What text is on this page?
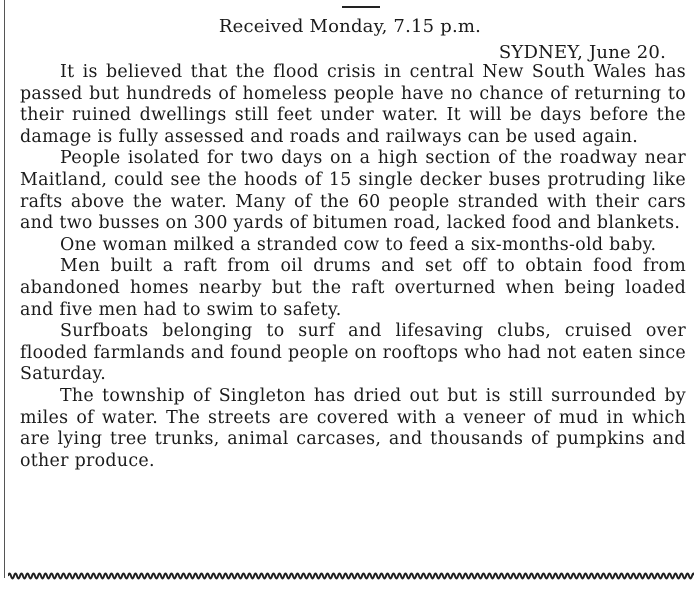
Received Monday, 7.15 p.m.
SYDNEY, June 20.

It is believed that the flood crisis in central New South Wales has passed but hundreds of homeless people have no chance of returning to their ruined dwellings still feet under water. It will be days before the damage is fully assessed and roads and railways can be used again.

People isolated for two days on a high section of the roadway near Maitland, could see the hoods of 15 single decker buses protruding like rafts above the water. Many of the 60 people stranded with their cars and two busses on 300 yards of bitumen road, lacked food and blankets.

One woman milked a stranded cow to feed a six-months-old baby.

Men built a raft from oil drums and set off to obtain food from abandoned homes nearby but the raft overturned when being loaded and five men had to swim to safety.

Surfboats belonging to surf and lifesaving clubs, cruised over flooded farmlands and found people on rooftops who had not eaten since Saturday.

The township of Singleton has dried out but is still surrounded by miles of water. The streets are covered with a veneer of mud in which are lying tree trunks, animal carcases, and thousands of pumpkins and other produce.
